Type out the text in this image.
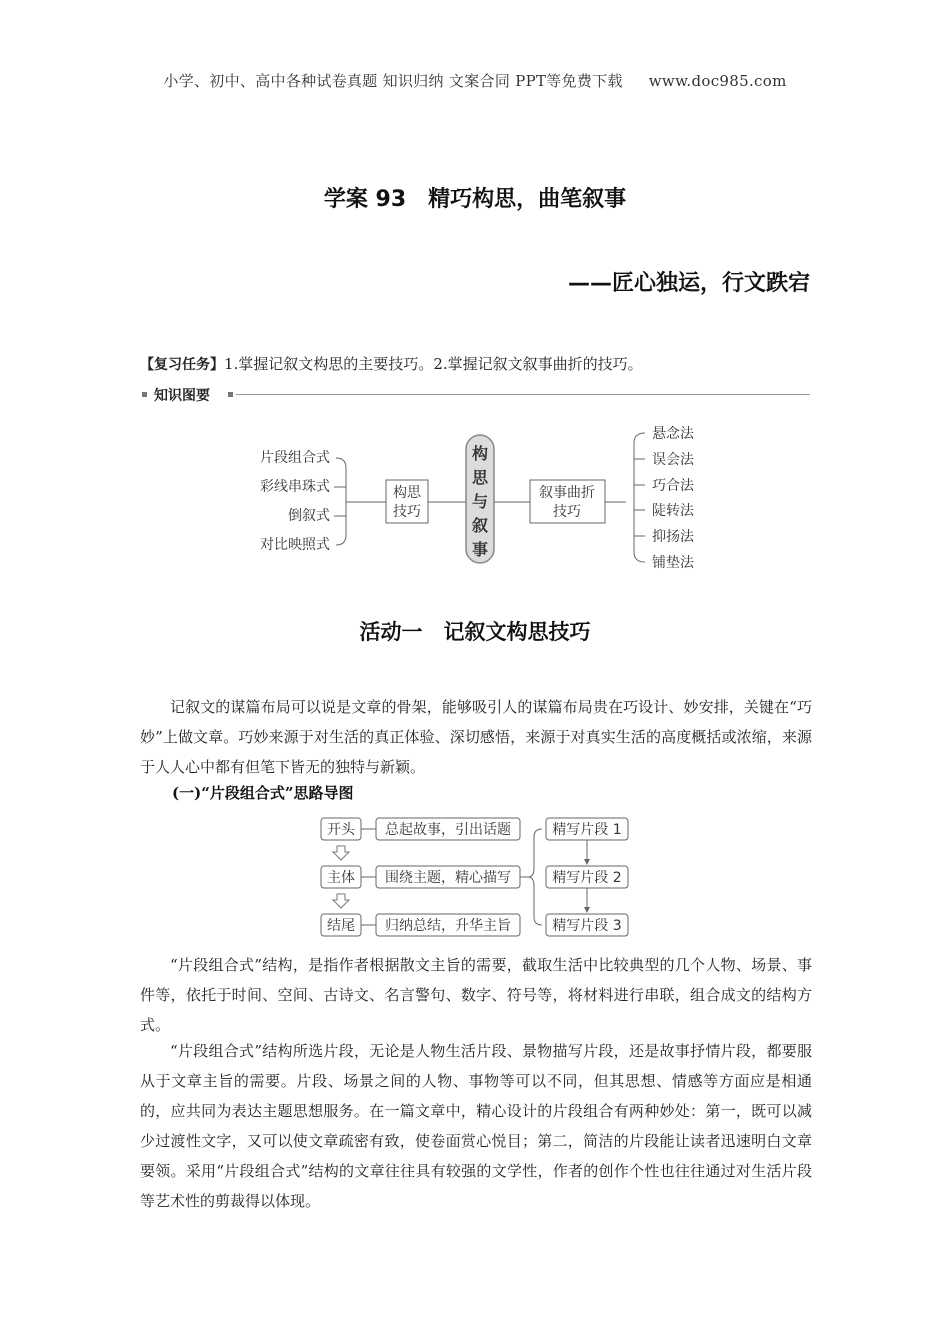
小学、初中、高中各种试卷真题 知识归纳 文案合同 PPT等免费下载 www.doc985.com
学案 93　精巧构思，曲笔叙事
——匠心独运，行文跌宕
【复习任务】1.掌握记叙文构思的主要技巧。2.掌握记叙文叙事曲折的技巧。
知识图要
片段组合式
彩线串珠式
倒叙式
对比映照式
构思
技巧
叙事曲折
技巧
构
思
与
叙
事
悬念法
误会法
巧合法
陡转法
抑扬法
铺垫法
活动一　记叙文构思技巧

记叙文的谋篇布局可以说是文章的骨架，能够吸引人的谋篇布局贵在巧设计、妙安排，关键在“巧妙”上做文章。巧妙来源于对生活的真正体验、深切感悟，来源于对真实生活的高度概括或浓缩，来源于人人心中都有但笔下皆无的独特与新颖。

(一)“片段组合式”思路导图
开头
主体
结尾
总起故事，引出话题
围绕主题，精心描写
归纳总结，升华主旨
精写片段 1
精写片段 2
精写片段 3

“片段组合式”结构，是指作者根据散文主旨的需要，截取生活中比较典型的几个人物、场景、事件等，依托于时间、空间、古诗文、名言警句、数字、符号等，将材料进行串联，组合成文的结构方式。

“片段组合式”结构所选片段，无论是人物生活片段、景物描写片段，还是故事抒情片段，都要服从于文章主旨的需要。片段、场景之间的人物、事物等可以不同，但其思想、情感等方面应是相通的，应共同为表达主题思想服务。在一篇文章中，精心设计的片段组合有两种妙处：第一，既可以减少过渡性文字，又可以使文章疏密有致，使卷面赏心悦目；第二，简洁的片段能让读者迅速明白文章要领。采用“片段组合式”结构的文章往往具有较强的文学性，作者的创作个性也往往通过对生活片段等艺术性的剪裁得以体现。
